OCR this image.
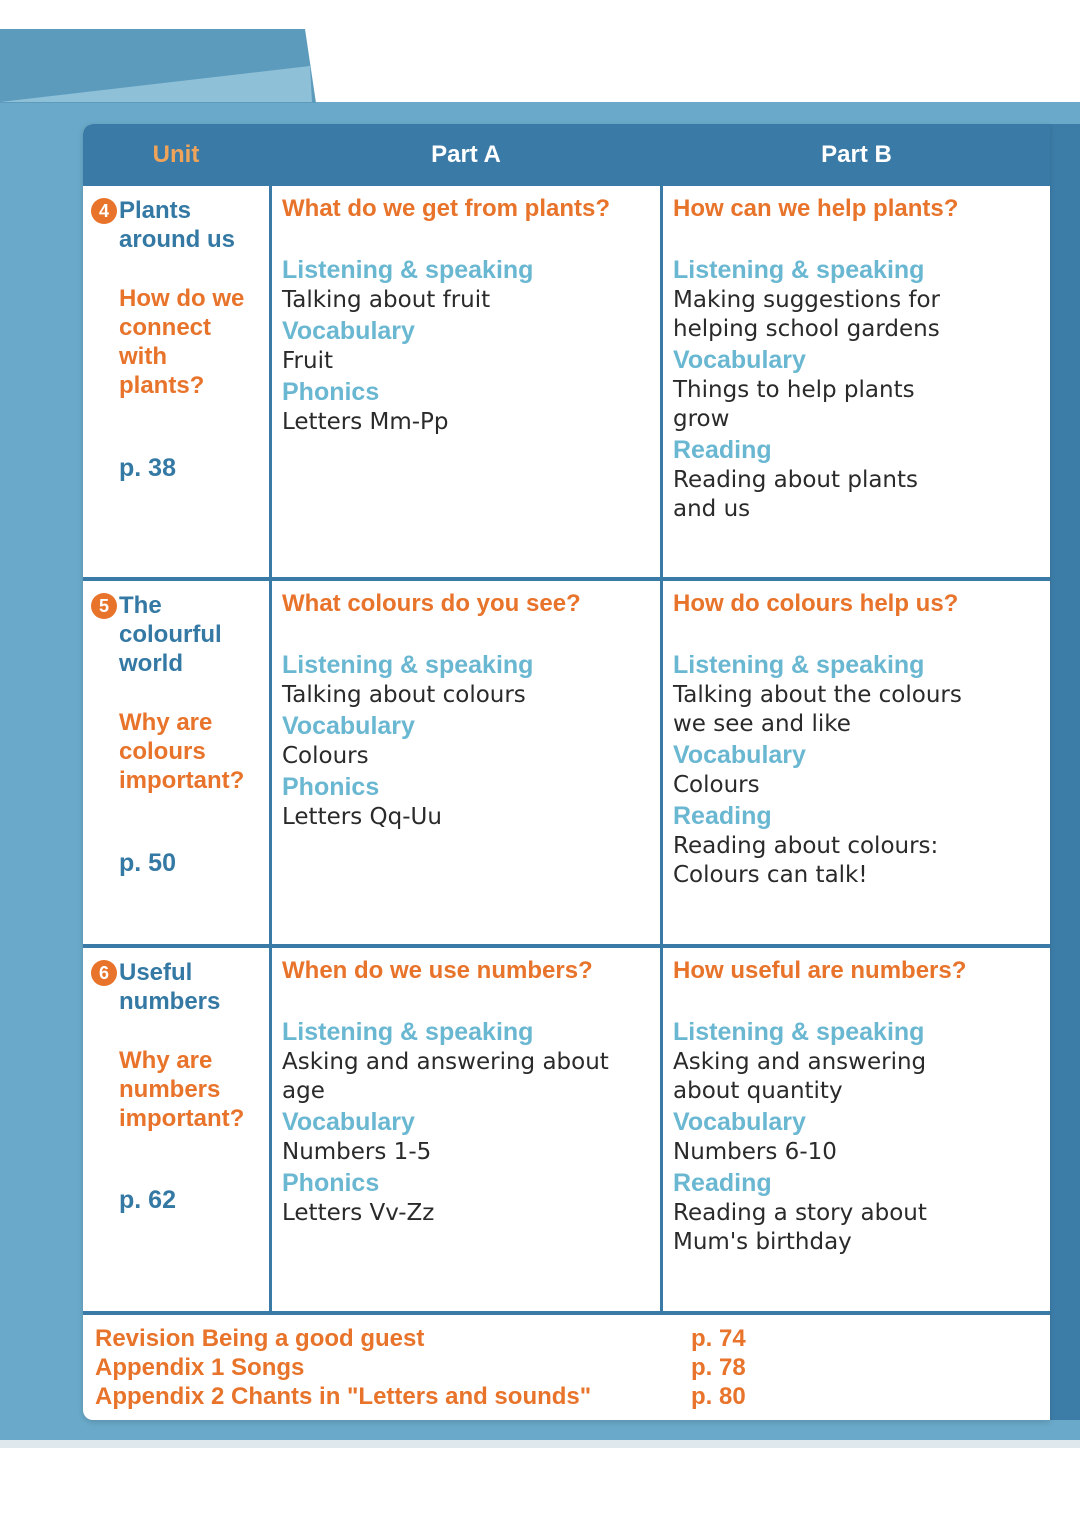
Unit	Part A	Part B
4 Plants
around us
How do we
connect
with
plants?
p. 38
What do we get from plants?
Listening & speaking
Talking about fruit
Vocabulary
Fruit
Phonics
Letters Mm-Pp
How can we help plants?
Listening & speaking
Making suggestions for
helping school gardens
Vocabulary
Things to help plants
grow
Reading
Reading about plants
and us
5 The
colourful
world
Why are
colours
important?
p. 50
What colours do you see?
Listening & speaking
Talking about colours
Vocabulary
Colours
Phonics
Letters Qq-Uu
How do colours help us?
Listening & speaking
Talking about the colours
we see and like
Vocabulary
Colours
Reading
Reading about colours:
Colours can talk!
6 Useful
numbers
Why are
numbers
important?
p. 62
When do we use numbers?
Listening & speaking
Asking and answering about
age
Vocabulary
Numbers 1-5
Phonics
Letters Vv-Zz
How useful are numbers?
Listening & speaking
Asking and answering
about quantity
Vocabulary
Numbers 6-10
Reading
Reading a story about
Mum's birthday
Revision Being a good guest
Appendix 1 Songs
Appendix 2 Chants in "Letters and sounds"
p. 74
p. 78
p. 80
